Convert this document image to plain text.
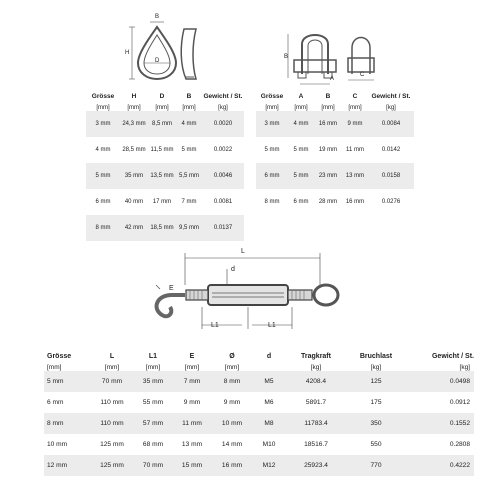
B
D
H
B
A
C
Grösse	H	D	B	Gewicht / St.
[mm]	[mm]	[mm]	[mm]	[kg]
3 mm	24,3 mm	8,5 mm	4 mm	0.0020
4 mm	28,5 mm	11,5 mm	5 mm	0.0022
5 mm	35 mm	13,5 mm	5,5 mm	0.0046
6 mm	40 mm	17 mm	7 mm	0.0081
8 mm	42 mm	18,5 mm	9,5 mm	0.0137
Grösse	A	B	C	Gewicht / St.
[mm]	[mm]	[mm]	[mm]	[kg]
3 mm	4 mm	16 mm	9 mm	0.0084
5 mm	5 mm	19 mm	11 mm	0.0142
6 mm	5 mm	23 mm	13 mm	0.0158
8 mm	6 mm	28 mm	16 mm	0.0276
L
d
E
L1	L1
Grösse	L	L1	E	Ø	d	Tragkraft	Bruchlast	Gewicht / St.
[mm]	[mm]	[mm]	[mm]	[mm]		[kg]	[kg]	[kg]
5 mm	70 mm	35 mm	7 mm	8 mm	M5	4208.4	125	0.0498
6 mm	110 mm	55 mm	9 mm	9 mm	M6	5891.7	175	0.0912
8 mm	110 mm	57 mm	11 mm	10 mm	M8	11783.4	350	0.1552
10 mm	125 mm	68 mm	13 mm	14 mm	M10	18516.7	550	0.2808
12 mm	125 mm	70 mm	15 mm	16 mm	M12	25923.4	770	0.4222
